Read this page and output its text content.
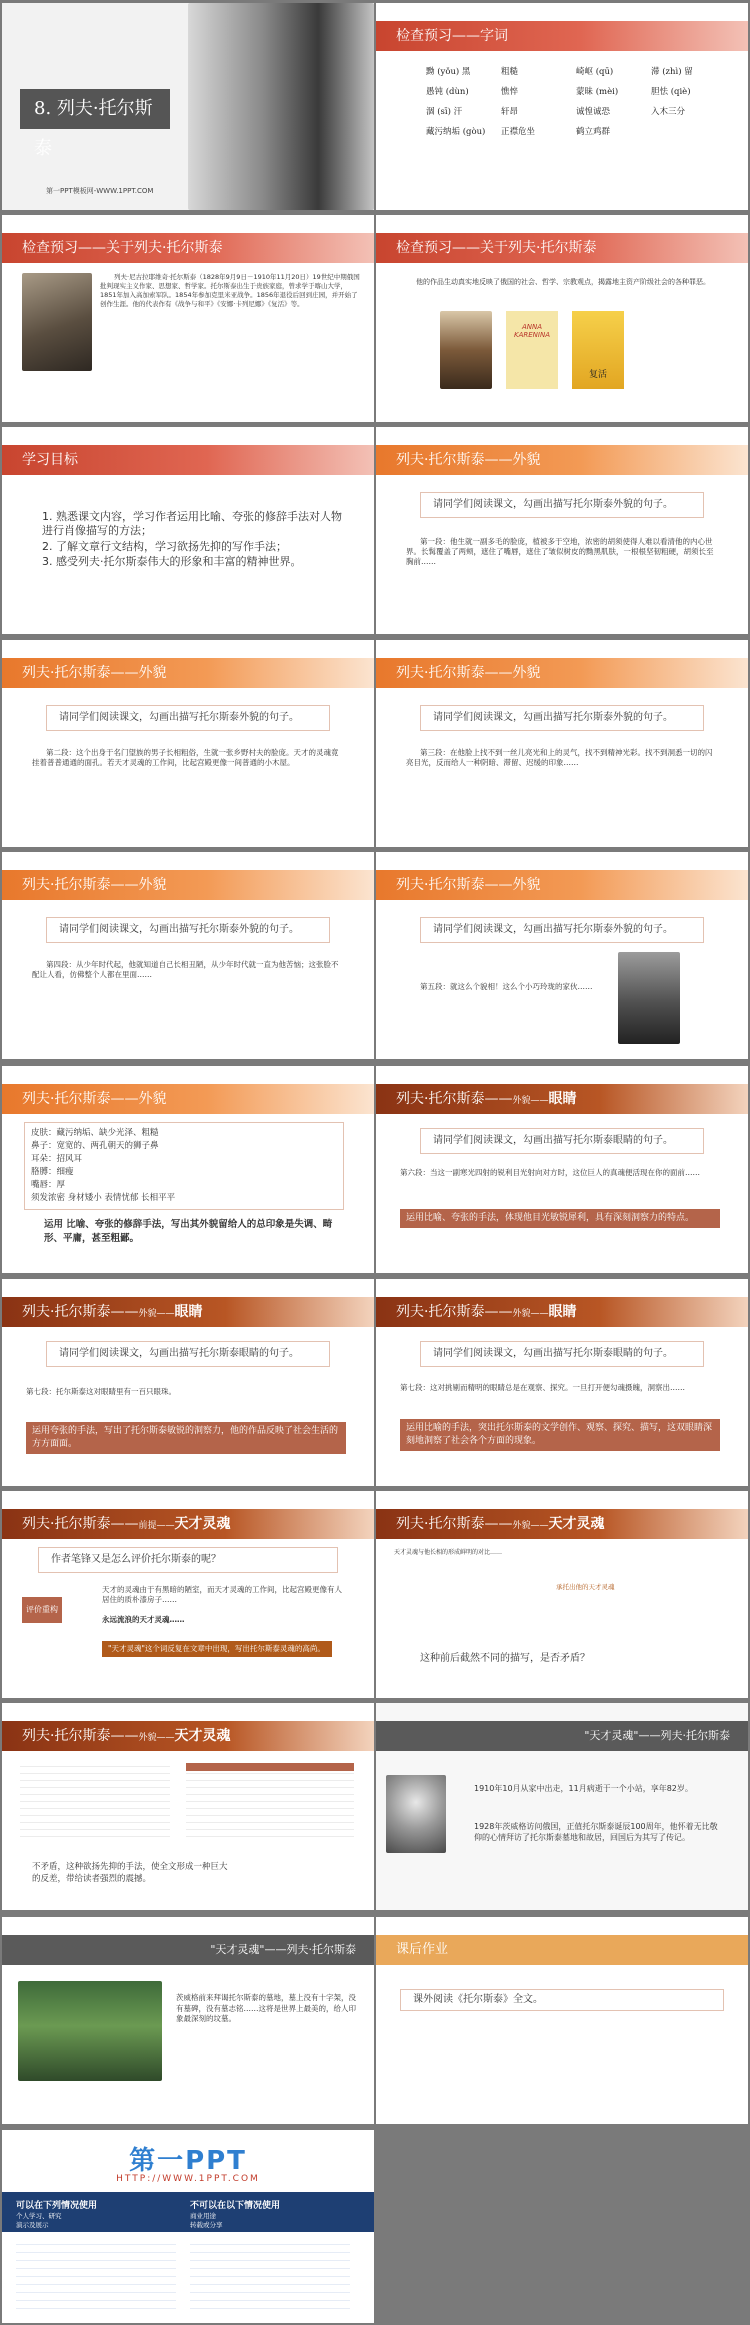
8. 列夫·托尔斯泰
第一PPT模板网-WWW.1PPT.COM
检查预习——字词
黝 (yǒu) 黑	粗糙	崎岖 (qū)	滞 (zhì) 留
愚钝 (dùn)	憔悴	蒙昧 (mèi)	胆怯 (qiè)
涸 (sī) 汗	轩昂	诚惶诚恐	入木三分
藏污纳垢 (gòu)	正襟危坐	鹤立鸡群
检查预习——关于列夫·托尔斯泰
列夫·尼古拉耶维奇·托尔斯泰（1828年9月9日－1910年11月20日）19世纪中期俄国批判现实主义作家、思想家、哲学家。托尔斯泰出生于贵族家庭，曾求学于喀山大学，1851年加入高加索军队。1854年参加克里米亚战争。1856年退役后回到庄园，并开始了创作生涯。他的代表作有《战争与和平》《安娜·卡列尼娜》《复活》等。
检查预习——关于列夫·托尔斯泰
他的作品生动真实地反映了俄国的社会、哲学、宗教观点，揭露地主资产阶级社会的各种罪恶。
ANNA KARENINA
复活
学习目标
1. 熟悉课文内容，学习作者运用比喻、夸张的修辞手法对人物进行肖像描写的方法；
2. 了解文章行文结构，学习欲扬先抑的写作手法；
3. 感受列夫·托尔斯泰伟大的形象和丰富的精神世界。
列夫·托尔斯泰——外貌
请同学们阅读课文，勾画出描写托尔斯泰外貌的句子。
第一段：他生就一副多毛的脸庞，植被多于空地，浓密的胡须使得人难以看清他的内心世界。长髯覆盖了两颊，遮住了嘴唇，遮住了皱似树皮的黝黑肌肤，一根根坚韧粗硬，胡须长至胸前……
列夫·托尔斯泰——外貌
请同学们阅读课文，勾画出描写托尔斯泰外貌的句子。
第二段：这个出身于名门望族的男子长相粗俗，生就一张乡野村夫的脸庞。天才的灵魂竟挂着普普通通的面孔。若天才灵魂的工作间，比起宫殿更像一间普通的小木屋。
列夫·托尔斯泰——外貌
请同学们阅读课文，勾画出描写托尔斯泰外貌的句子。
第三段：在他脸上找不到一丝儿亮光和上的灵气，找不到精神光彩。找不到洞悉一切的闪亮目光，反而给人一种阴暗、滞留、迟缓的印象……
列夫·托尔斯泰——外貌
请同学们阅读课文，勾画出描写托尔斯泰外貌的句子。
第四段：从少年时代起，他就知道自己长相丑陋，从少年时代就一直为他苦恼；这张脸不配让人看，仿佛整个人都在里面……
列夫·托尔斯泰——外貌
请同学们阅读课文，勾画出描写托尔斯泰外貌的句子。
第五段：就这么个貌相！这么个小巧玲珑的家伙……
列夫·托尔斯泰——外貌
皮肤：藏污纳垢、缺少光泽、粗糙
鼻子：宽宽的、两孔朝天的狮子鼻
耳朵：招风耳
胳膊：细瘦
嘴唇：厚
须发浓密 身材矮小 表情忧郁 长相平平
运用 比喻、夸张的修辞手法，写出其外貌留给人的总印象是失调、畸形、平庸，甚至粗鄙。
列夫·托尔斯泰——外貌——眼睛
请同学们阅读课文，勾画出描写托尔斯泰眼睛的句子。
第六段：当这一副寒光四射的锐利目光射向对方时，这位巨人的真魂便活现在你的面前……
运用比喻、夸张的手法，体现他目光敏锐犀利，具有深刻洞察力的特点。
列夫·托尔斯泰——外貌——眼睛
请同学们阅读课文，勾画出描写托尔斯泰眼睛的句子。
第七段：托尔斯泰这对眼睛里有一百只眼珠。
运用夸张的手法，写出了托尔斯泰敏锐的洞察力，他的作品反映了社会生活的方方面面。
列夫·托尔斯泰——外貌——眼睛
请同学们阅读课文，勾画出描写托尔斯泰眼睛的句子。
第七段：这对挑剔而精明的眼睛总是在观察、探究。一旦打开便勾魂摄魄，洞察出……
运用比喻的手法，突出托尔斯泰的文学创作、观察、探究、描写，这双眼睛深刻地洞察了社会各个方面的现象。
列夫·托尔斯泰——前提——天才灵魂
作者笔锋又是怎么评价托尔斯泰的呢？
评价重构
天才的灵魂由于有黑暗的陋室，而天才灵魂的工作间，比起宫殿更像有人居住的质朴漆房子……
永远流浪的天才灵魂……
"天才灵魂"这个词反复在文章中出现，写出托尔斯泰灵魂的高尚。
列夫·托尔斯泰——外貌——天才灵魂
天才灵魂与他长相的形成鲜明的对比……
承托出他的天才灵魂
这种前后截然不同的描写，是否矛盾？
列夫·托尔斯泰——外貌——天才灵魂
不矛盾，这种欲扬先抑的手法，使全文形成一种巨大的反差，带给读者强烈的震撼。
"天才灵魂"——列夫·托尔斯泰
1910年10月从家中出走，11月病逝于一个小站，享年82岁。
1928年茨威格访问俄国，正值托尔斯泰诞辰100周年，他怀着无比敬仰的心情拜访了托尔斯泰墓地和故居，回国后为其写了传记。
"天才灵魂"——列夫·托尔斯泰
茨威格前来拜谒托尔斯泰的墓地，墓上没有十字架，没有墓碑，没有墓志铭……这将是世界上最美的，给人印象最深刻的坟墓。
课后作业
课外阅读《托尔斯泰》全文。
第一PPT
HTTP://WWW.1PPT.COM
可以在下列情况使用
个人学习、研究
演示及展示
不可以在以下情况使用
商业用途
转载或分享
